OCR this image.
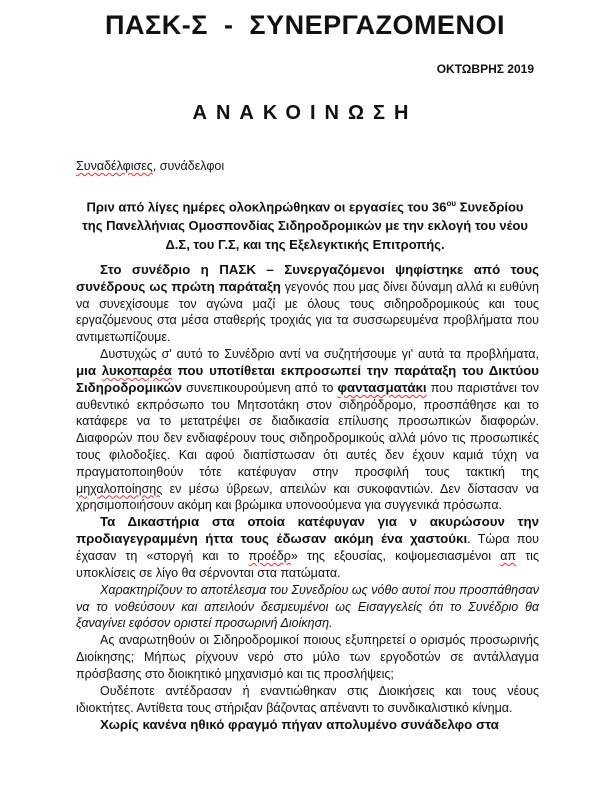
ΠΑΣΚ-Σ  -  ΣΥΝΕΡΓΑΖΟΜΕΝΟΙ
ΟΚΤΩΒΡΗΣ 2019
ΑΝΑΚΟΙΝΩΣΗ
Συναδέλφισες, συνάδελφοι
Πριν από λίγες ημέρες ολοκληρώθηκαν οι εργασίες του $36^{o\upsilon}$ Συνεδρίου της Πανελλήνιας Ομοσπονδίας Σιδηροδρομικών με την εκλογή του νέου Δ.Σ, του Γ.Σ, και της Εξελεγκτικής Επιτροπής.

Στο συνέδριο η ΠΑΣΚ – Συνεργαζόμενοι ψηφίστηκε από τους συνέδρους ως πρώτη παράταξη γεγονός που μας δίνει δύναμη αλλά κι ευθύνη να συνεχίσουμε τον αγώνα μαζί με όλους τους σιδηροδρομικούς και τους εργαζόμενους στα μέσα σταθερής τροχιάς για τα συσσωρευμένα προβλήματα που αντιμετωπίζουμε.

Δυστυχώς σ' αυτό το Συνέδριο αντί να συζητήσουμε γι' αυτά τα προβλήματα, μια λυκοπαρέα που υποτίθεται εκπροσωπεί την παράταξη του Δικτύου Σιδηροδρομικών συνεπικουρούμενη από το φαντασματάκι που παριστάνει τον αυθεντικό εκπρόσωπο του Μητσοτάκη στον σιδηρόδρομο, προσπάθησε και το κατάφερε να το μετατρέψει σε διαδικασία επίλυσης προσωπικών διαφορών. Διαφορών που δεν ενδιαφέρουν τους σιδηροδρομικούς αλλά μόνο τις προσωπικές τους φιλοδοξίες. Και αφού διαπίστωσαν ότι αυτές δεν έχουν καμιά τύχη να πραγματοποιηθούν τότε κατέφυγαν στην προσφιλή τους τακτική της μηχαλοποίησης εν μέσω ύβρεων, απειλών και συκοφαντιών. Δεν δίστασαν να χρησιμοποιήσουν ακόμη και βρώμικα υπονοούμενα για συγγενικά πρόσωπα.

Τα Δικαστήρια στα οποία κατέφυγαν για ν ακυρώσουν την προδιαγεγραμμένη ήττα τους έδωσαν ακόμη ένα χαστούκι. Τώρα που έχασαν τη «στοργή και το προέδρ» της εξουσίας, κοψομεσιασμένοι απ τις υποκλίσεις σε λίγο θα σέρνονται στα πατώματα.

Χαρακτηρίζουν το αποτέλεσμα του Συνεδρίου ως νόθο αυτοί που προσπάθησαν να το νοθεύσουν και απειλούν δεσμευμένοι ως Εισαγγελείς ότι το Συνέδριο θα ξαναγίνει εφόσον οριστεί προσωρινή Διοίκηση.

Ας αναρωτηθούν οι Σιδηροδρομικοί ποιους εξυπηρετεί ο ορισμός προσωρινής Διοίκησης; Μήπως ρίχνουν νερό στο μύλο των εργοδοτών σε αντάλλαγμα πρόσβασης στο διοικητικό μηχανισμό και τις προσλήψεις;

Ουδέποτε αντέδρασαν ή εναντιώθηκαν στις Διοικήσεις και τους νέους ιδιοκτήτες. Αντίθετα τους στήριξαν βάζοντας απέναντι το συνδικαλιστικό κίνημα.

Χωρίς κανένα ηθικό φραγμό πήγαν απολυμένο συνάδελφο στα
